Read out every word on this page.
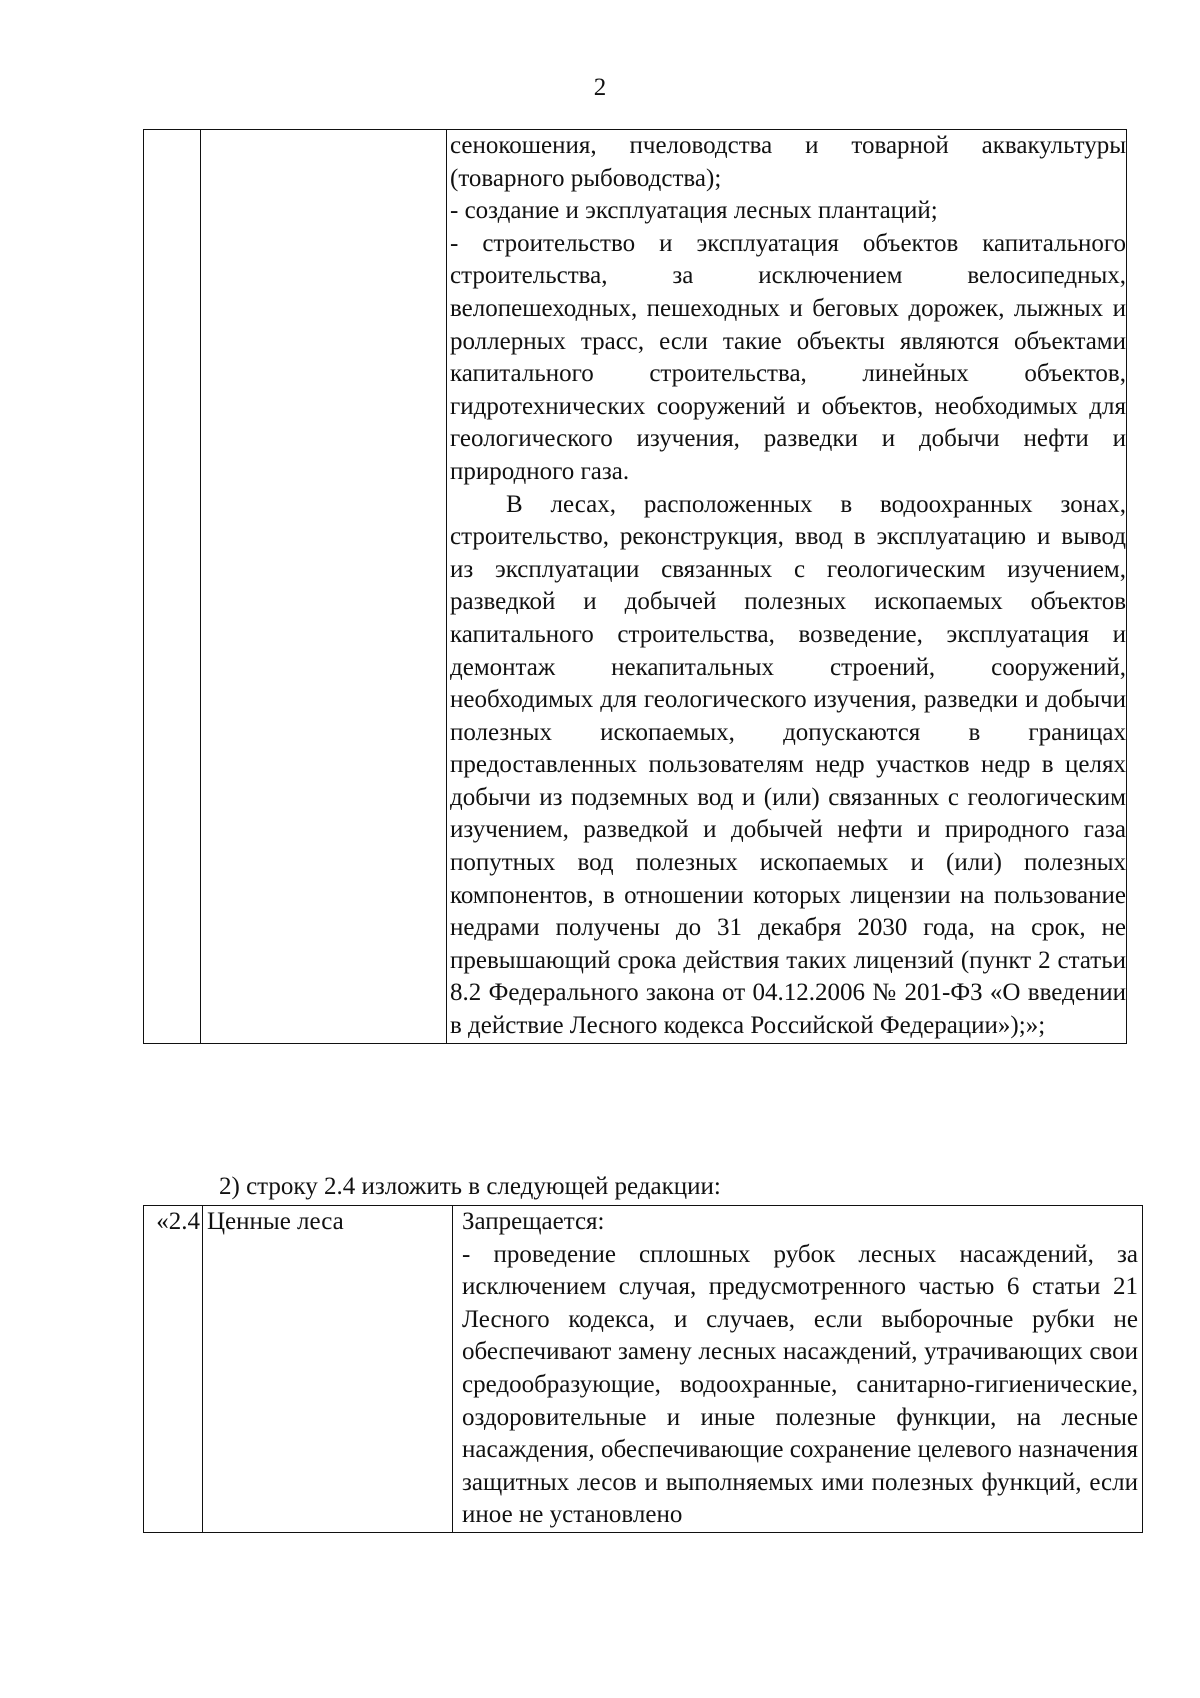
2

сенокошения, пчеловодства и товарной аквакультуры (товарного рыбоводства);

- создание и эксплуатация лесных плантаций;

- строительство и эксплуатация объектов капитального строительства, за исключением велосипедных, велопешеходных, пешеходных и беговых дорожек, лыжных и роллерных трасс, если такие объекты являются объектами капитального строительства, линейных объектов, гидротехнических сооружений и объектов, необходимых для геологического изучения, разведки и добычи нефти и природного газа.

В лесах, расположенных в водоохранных зонах, строительство, реконструкция, ввод в эксплуатацию и вывод из эксплуатации связанных с геологическим изучением, разведкой и добычей полезных ископаемых объектов капитального строительства, возведение, эксплуатация и демонтаж некапитальных строений, сооружений, необходимых для геологического изучения, разведки и добычи полезных ископаемых, допускаются в границах предоставленных пользователям недр участков недр в целях добычи из подземных вод и (или) связанных с геологическим изучением, разведкой и добычей нефти и природного газа попутных вод полезных ископаемых и (или) полезных компонентов, в отношении которых лицензии на пользование недрами получены до 31 декабря 2030 года, на срок, не превышающий срока действия таких лицензий (пункт 2 статьи 8.2 Федерального закона от 04.12.2006 № 201-ФЗ «О введении в действие Лесного кодекса Российской Федерации»);»;

2) строку 2.4 изложить в следующей редакции:

«2.4	Ценные леса	Запрещается:

- проведение сплошных рубок лесных насаждений, за исключением случая, предусмотренного частью 6 статьи 21 Лесного кодекса, и случаев, если выборочные рубки не обеспечивают замену лесных насаждений, утрачивающих свои средообразующие, водоохранные, санитарно-гигиенические, оздоровительные и иные полезные функции, на лесные насаждения, обеспечивающие сохранение целевого назначения защитных лесов и выполняемых ими полезных функций, если иное не установлено
